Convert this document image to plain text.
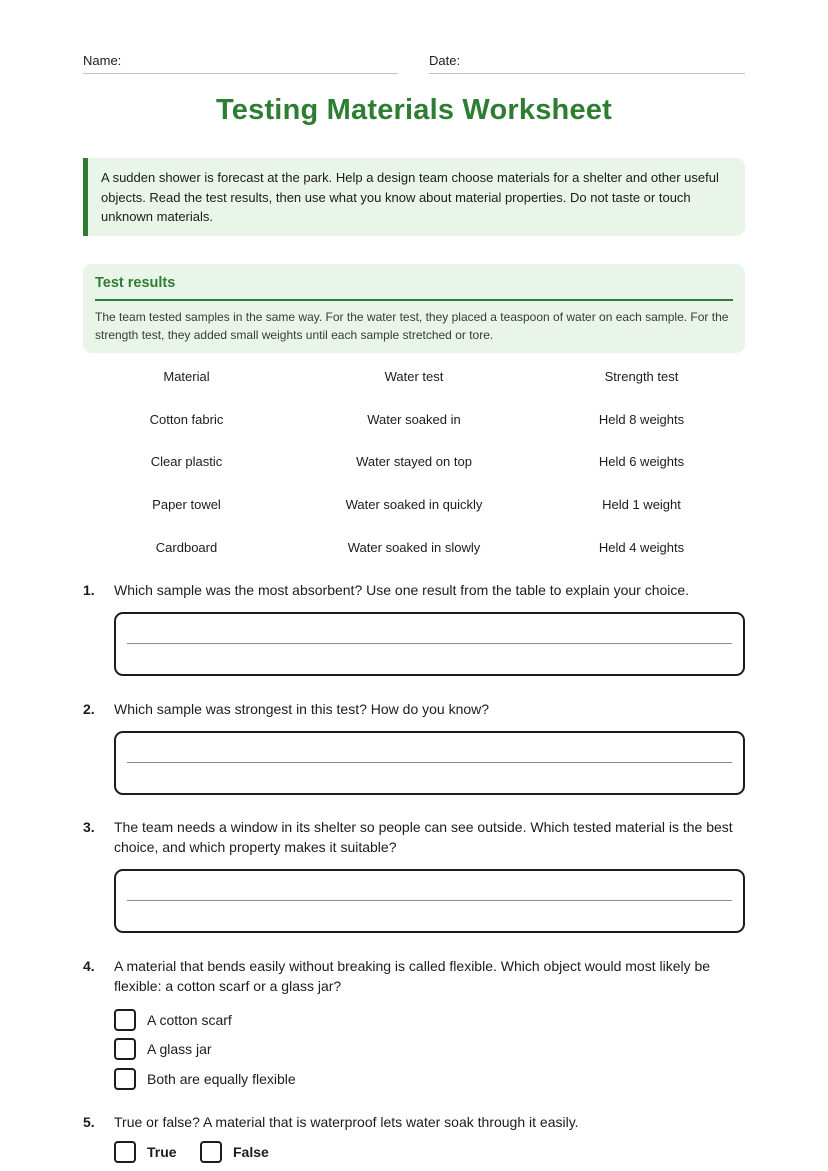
Name:	Date:
Testing Materials Worksheet
A sudden shower is forecast at the park. Help a design team choose materials for a shelter and other useful objects. Read the test results, then use what you know about material properties. Do not taste or touch unknown materials.
Test results
The team tested samples in the same way. For the water test, they placed a teaspoon of water on each sample. For the strength test, they added small weights until each sample stretched or tore.
Material	Water test	Strength test
Cotton fabric	Water soaked in	Held 8 weights
Clear plastic	Water stayed on top	Held 6 weights
Paper towel	Water soaked in quickly	Held 1 weight
Cardboard	Water soaked in slowly	Held 4 weights
1. Which sample was the most absorbent? Use one result from the table to explain your choice.
2. Which sample was strongest in this test? How do you know?
3. The team needs a window in its shelter so people can see outside. Which tested material is the best choice, and which property makes it suitable?
4. A material that bends easily without breaking is called flexible. Which object would most likely be flexible: a cotton scarf or a glass jar?
A cotton scarf
A glass jar
Both are equally flexible
5. True or false? A material that is waterproof lets water soak through it easily.
True	False
